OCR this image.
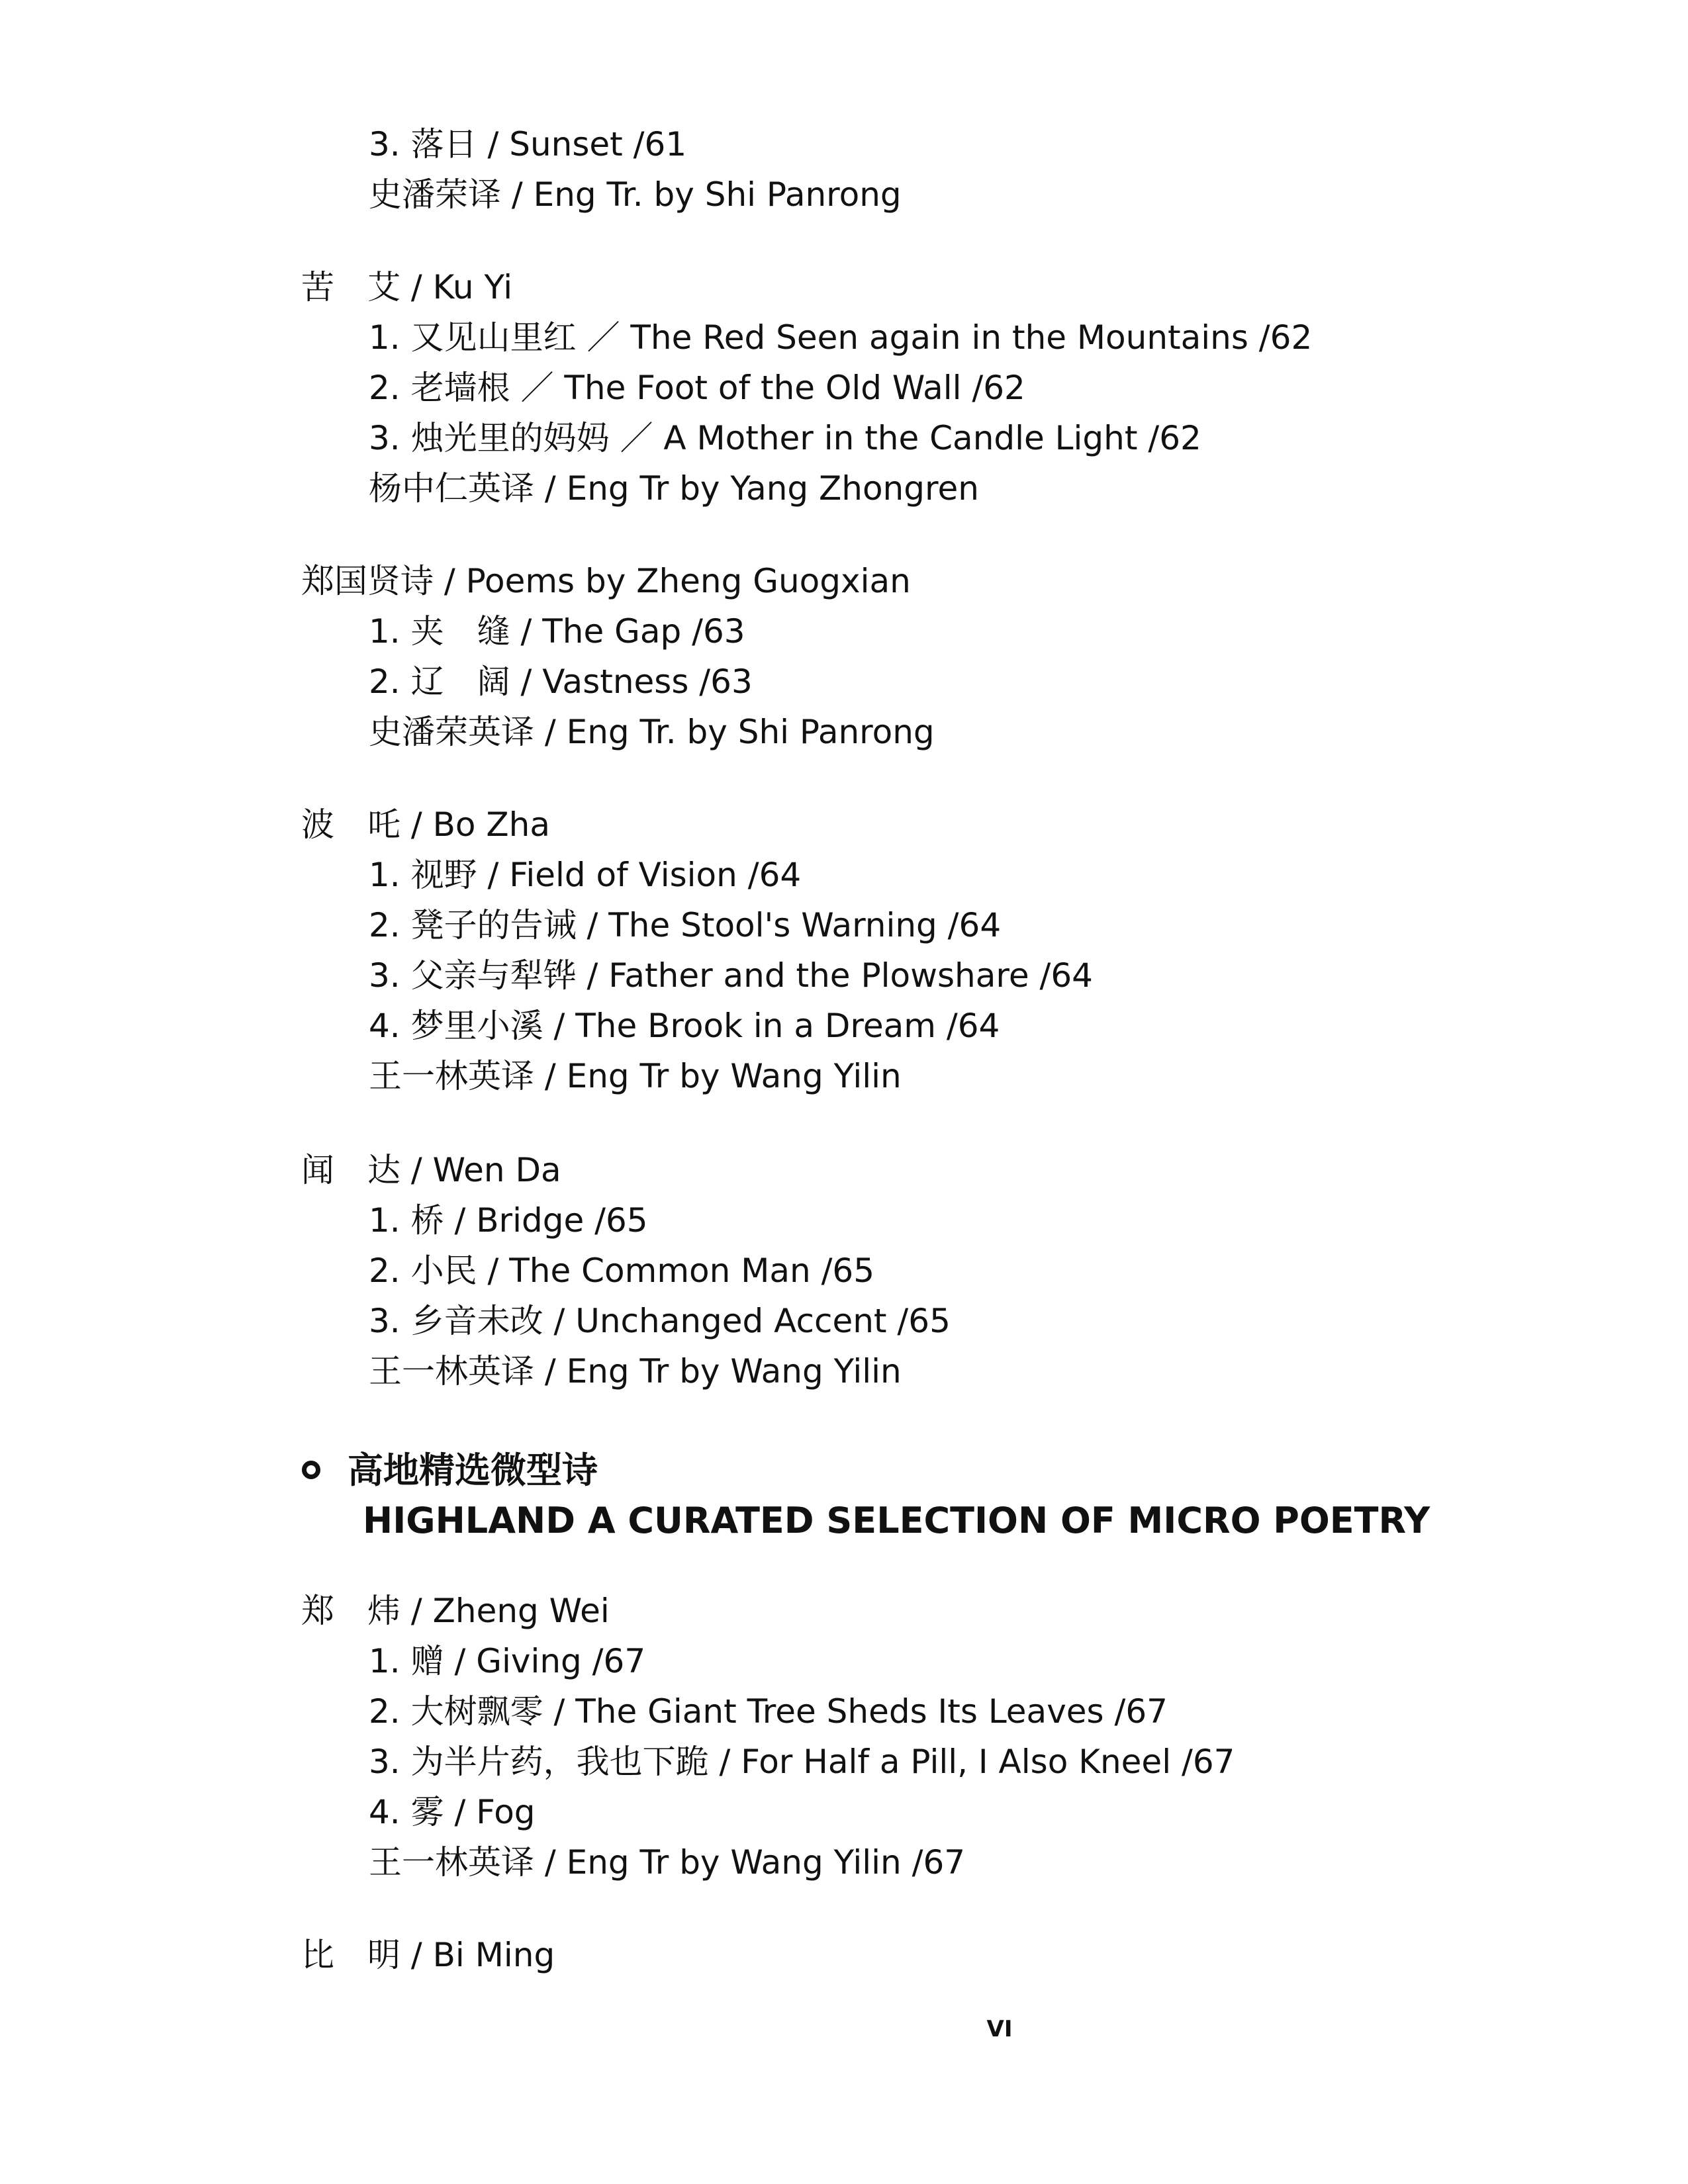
3. 落日 / Sunset /61
史潘荣译 / Eng Tr. by Shi Panrong
苦　艾 / Ku Yi
1. 又见山里红 ／ The Red Seen again in the Mountains /62
2. 老墙根 ／ The Foot of the Old Wall /62
3. 烛光里的妈妈 ／ A Mother in the Candle Light /62
杨中仁英译 / Eng Tr by Yang Zhongren
郑国贤诗 / Poems by Zheng Guogxian
1. 夹　缝 / The Gap /63
2. 辽　阔 / Vastness /63
史潘荣英译 / Eng Tr. by Shi Panrong
波　吒 / Bo Zha
1. 视野 / Field of Vision /64
2. 凳子的告诫 / The Stool's Warning /64
3. 父亲与犁铧 / Father and the Plowshare /64
4. 梦里小溪 / The Brook in a Dream /64
王一林英译 / Eng Tr by Wang Yilin
闻　达 / Wen Da
1. 桥 / Bridge /65
2. 小民 / The Common Man /65
3. 乡音未改 / Unchanged Accent /65
王一林英译 / Eng Tr by Wang Yilin
高地精选微型诗
HIGHLAND A CURATED SELECTION OF MICRO POETRY
郑　炜 / Zheng Wei
1. 赠 / Giving /67
2. 大树飘零 / The Giant Tree Sheds Its Leaves /67
3. 为半片药，我也下跪 / For Half a Pill, I Also Kneel /67
4. 雾 / Fog
王一林英译 / Eng Tr by Wang Yilin /67
比　明 / Bi Ming
VI
